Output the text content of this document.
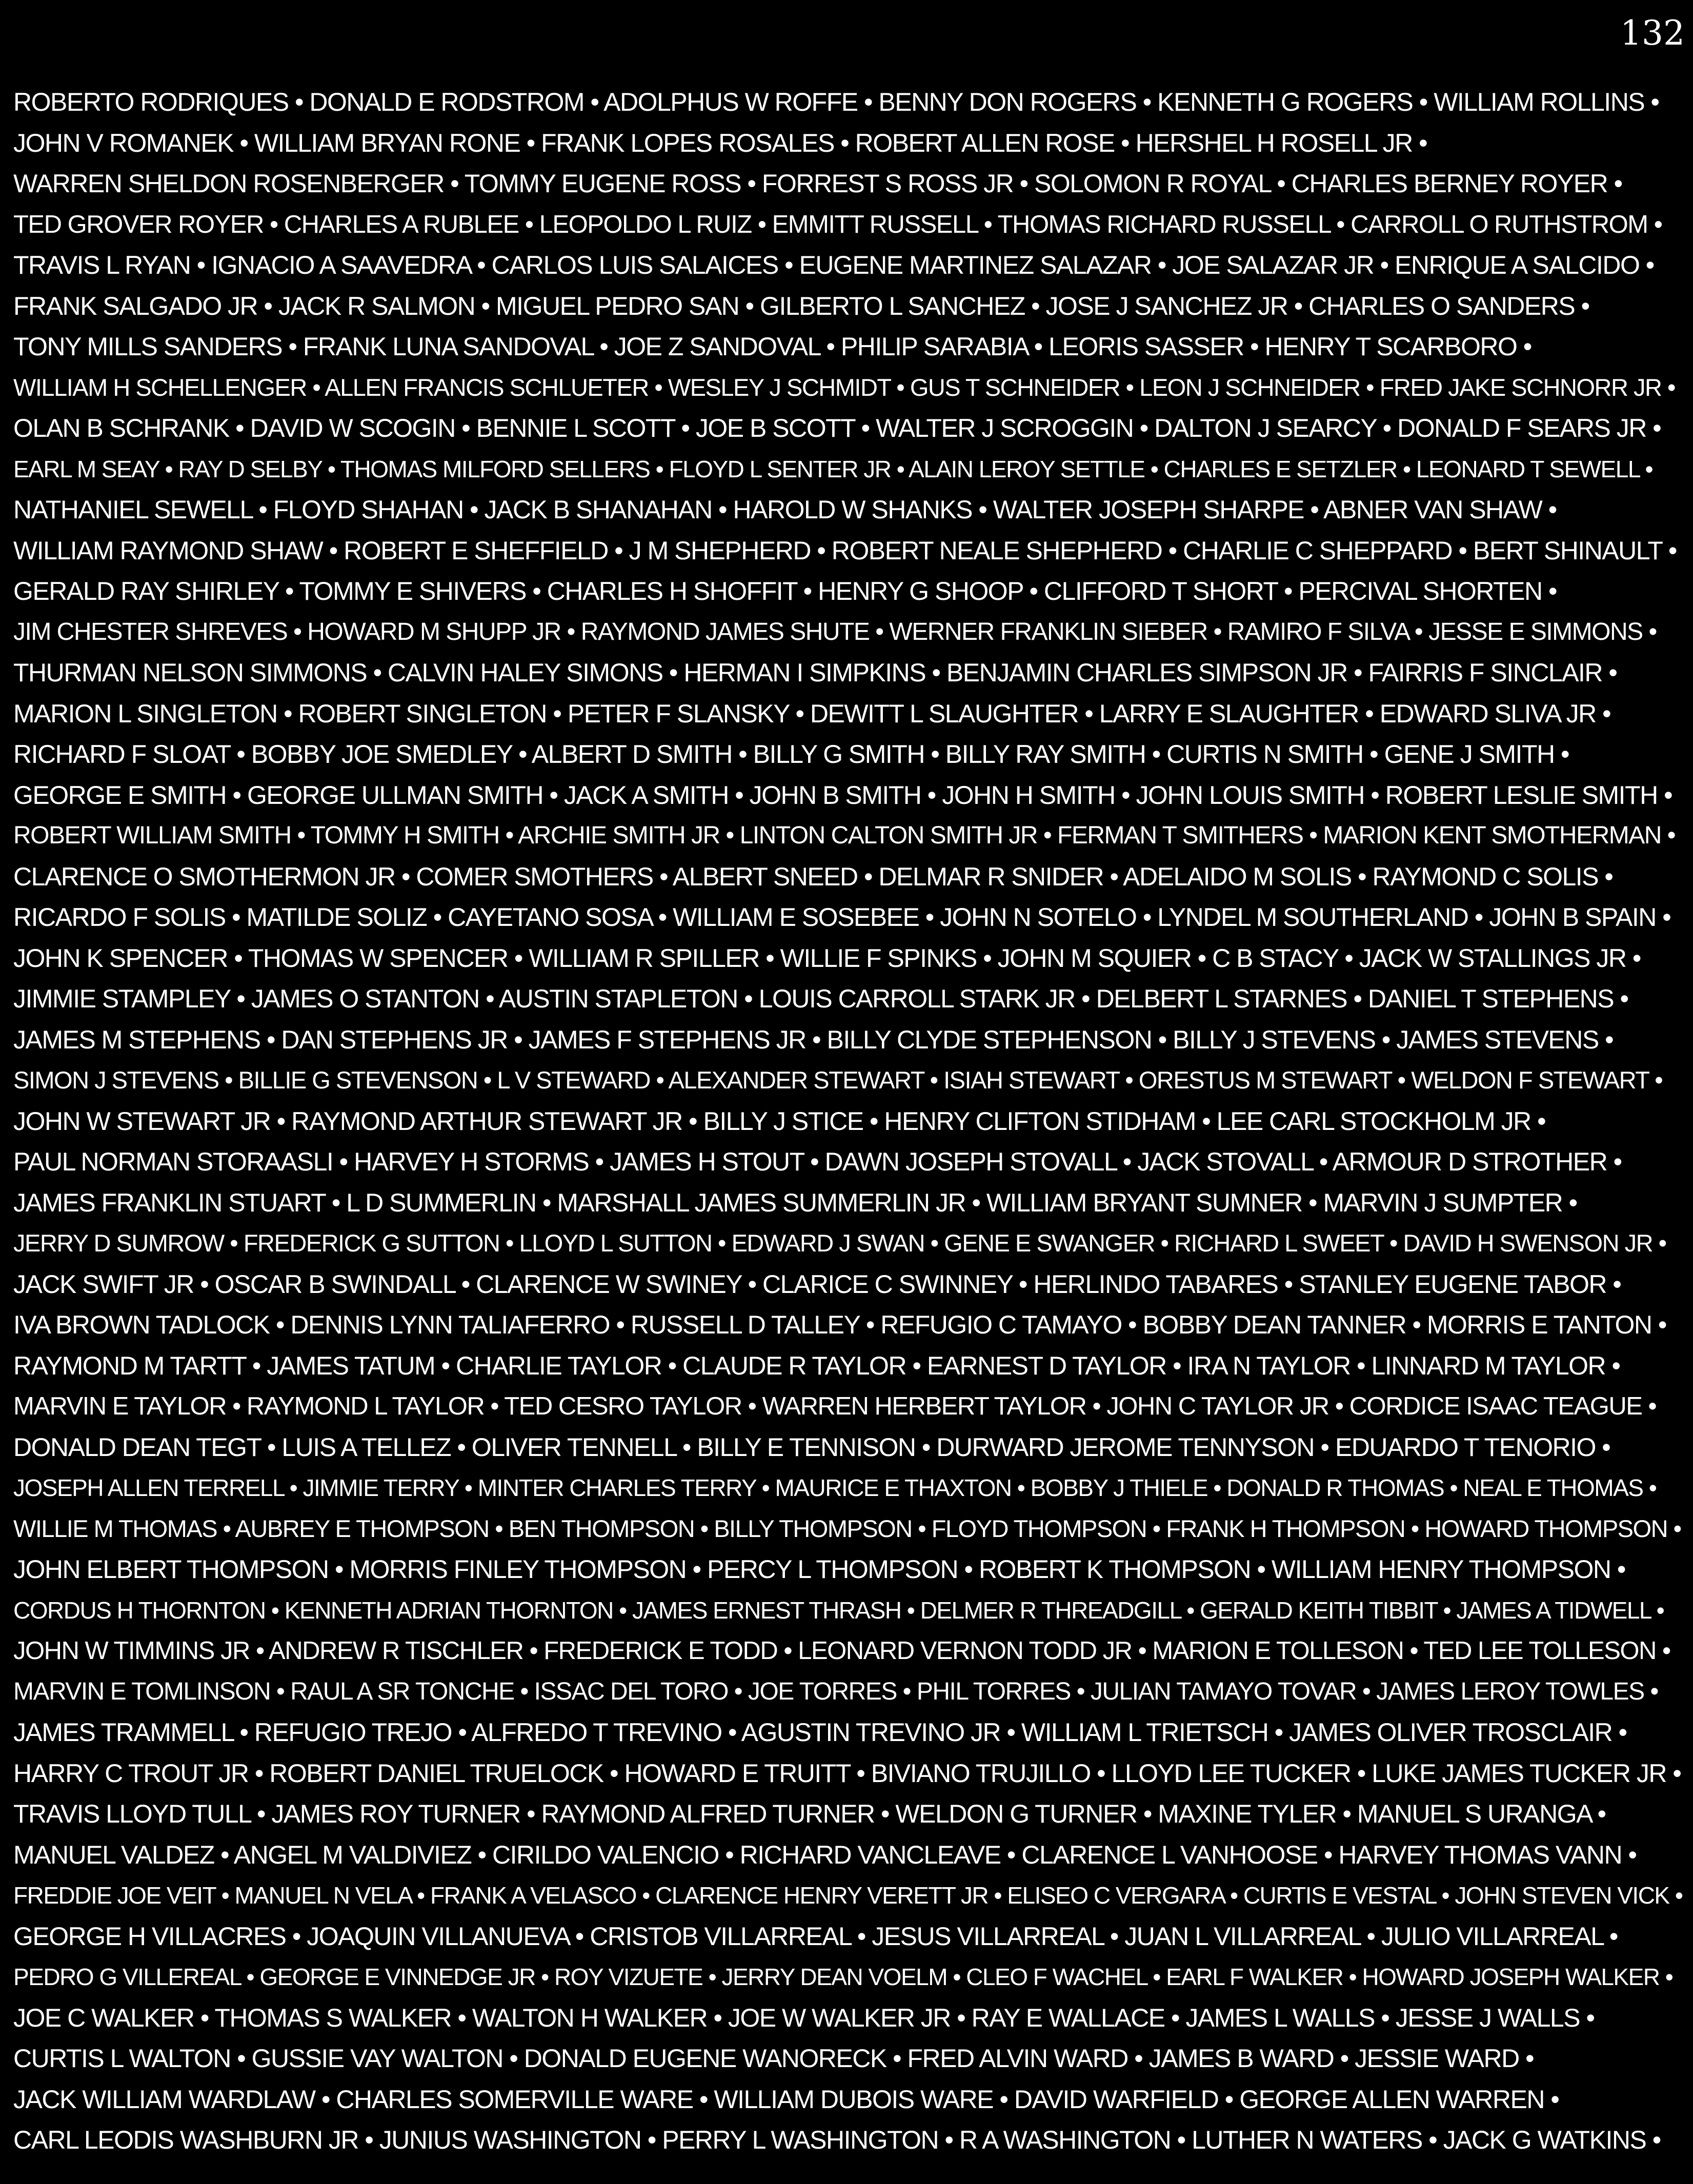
132
ROBERTO RODRIQUES • DONALD E RODSTROM • ADOLPHUS W ROFFE • BENNY DON ROGERS • KENNETH G ROGERS • WILLIAM ROLLINS •
JOHN V ROMANEK • WILLIAM BRYAN RONE • FRANK LOPES ROSALES • ROBERT ALLEN ROSE • HERSHEL H ROSELL JR •
WARREN SHELDON ROSENBERGER • TOMMY EUGENE ROSS • FORREST S ROSS JR • SOLOMON R ROYAL • CHARLES BERNEY ROYER •
TED GROVER ROYER • CHARLES A RUBLEE • LEOPOLDO L RUIZ • EMMITT RUSSELL • THOMAS RICHARD RUSSELL • CARROLL O RUTHSTROM •
TRAVIS L RYAN • IGNACIO A SAAVEDRA • CARLOS LUIS SALAICES • EUGENE MARTINEZ SALAZAR • JOE SALAZAR JR • ENRIQUE A SALCIDO •
FRANK SALGADO JR • JACK R SALMON • MIGUEL PEDRO SAN • GILBERTO L SANCHEZ • JOSE J SANCHEZ JR • CHARLES O SANDERS •
TONY MILLS SANDERS • FRANK LUNA SANDOVAL • JOE Z SANDOVAL • PHILIP SARABIA • LEORIS SASSER • HENRY T SCARBORO •
WILLIAM H SCHELLENGER • ALLEN FRANCIS SCHLUETER • WESLEY J SCHMIDT • GUS T SCHNEIDER • LEON J SCHNEIDER • FRED JAKE SCHNORR JR •
OLAN B SCHRANK • DAVID W SCOGIN • BENNIE L SCOTT • JOE B SCOTT • WALTER J SCROGGIN • DALTON J SEARCY • DONALD F SEARS JR •
EARL M SEAY • RAY D SELBY • THOMAS MILFORD SELLERS • FLOYD L SENTER JR • ALAIN LEROY SETTLE • CHARLES E SETZLER • LEONARD T SEWELL •
NATHANIEL SEWELL • FLOYD SHAHAN • JACK B SHANAHAN • HAROLD W SHANKS • WALTER JOSEPH SHARPE • ABNER VAN SHAW •
WILLIAM RAYMOND SHAW • ROBERT E SHEFFIELD • J M SHEPHERD • ROBERT NEALE SHEPHERD • CHARLIE C SHEPPARD • BERT SHINAULT •
GERALD RAY SHIRLEY • TOMMY E SHIVERS • CHARLES H SHOFFIT • HENRY G SHOOP • CLIFFORD T SHORT • PERCIVAL SHORTEN •
JIM CHESTER SHREVES • HOWARD M SHUPP JR • RAYMOND JAMES SHUTE • WERNER FRANKLIN SIEBER • RAMIRO F SILVA • JESSE E SIMMONS •
THURMAN NELSON SIMMONS • CALVIN HALEY SIMONS • HERMAN I SIMPKINS • BENJAMIN CHARLES SIMPSON JR • FAIRRIS F SINCLAIR •
MARION L SINGLETON • ROBERT SINGLETON • PETER F SLANSKY • DEWITT L SLAUGHTER • LARRY E SLAUGHTER • EDWARD SLIVA JR •
RICHARD F SLOAT • BOBBY JOE SMEDLEY • ALBERT D SMITH • BILLY G SMITH • BILLY RAY SMITH • CURTIS N SMITH • GENE J SMITH •
GEORGE E SMITH • GEORGE ULLMAN SMITH • JACK A SMITH • JOHN B SMITH • JOHN H SMITH • JOHN LOUIS SMITH • ROBERT LESLIE SMITH •
ROBERT WILLIAM SMITH • TOMMY H SMITH • ARCHIE SMITH JR • LINTON CALTON SMITH JR • FERMAN T SMITHERS • MARION KENT SMOTHERMAN •
CLARENCE O SMOTHERMON JR • COMER SMOTHERS • ALBERT SNEED • DELMAR R SNIDER • ADELAIDO M SOLIS • RAYMOND C SOLIS •
RICARDO F SOLIS • MATILDE SOLIZ • CAYETANO SOSA • WILLIAM E SOSEBEE • JOHN N SOTELO • LYNDEL M SOUTHERLAND • JOHN B SPAIN •
JOHN K SPENCER • THOMAS W SPENCER • WILLIAM R SPILLER • WILLIE F SPINKS • JOHN M SQUIER • C B STACY • JACK W STALLINGS JR •
JIMMIE STAMPLEY • JAMES O STANTON • AUSTIN STAPLETON • LOUIS CARROLL STARK JR • DELBERT L STARNES • DANIEL T STEPHENS •
JAMES M STEPHENS • DAN STEPHENS JR • JAMES F STEPHENS JR • BILLY CLYDE STEPHENSON • BILLY J STEVENS • JAMES STEVENS •
SIMON J STEVENS • BILLIE G STEVENSON • L V STEWARD • ALEXANDER STEWART • ISIAH STEWART • ORESTUS M STEWART • WELDON F STEWART •
JOHN W STEWART JR • RAYMOND ARTHUR STEWART JR • BILLY J STICE • HENRY CLIFTON STIDHAM • LEE CARL STOCKHOLM JR •
PAUL NORMAN STORAASLI • HARVEY H STORMS • JAMES H STOUT • DAWN JOSEPH STOVALL • JACK STOVALL • ARMOUR D STROTHER •
JAMES FRANKLIN STUART • L D SUMMERLIN • MARSHALL JAMES SUMMERLIN JR • WILLIAM BRYANT SUMNER • MARVIN J SUMPTER •
JERRY D SUMROW • FREDERICK G SUTTON • LLOYD L SUTTON • EDWARD J SWAN • GENE E SWANGER • RICHARD L SWEET • DAVID H SWENSON JR •
JACK SWIFT JR • OSCAR B SWINDALL • CLARENCE W SWINEY • CLARICE C SWINNEY • HERLINDO TABARES • STANLEY EUGENE TABOR •
IVA BROWN TADLOCK • DENNIS LYNN TALIAFERRO • RUSSELL D TALLEY • REFUGIO C TAMAYO • BOBBY DEAN TANNER • MORRIS E TANTON •
RAYMOND M TARTT • JAMES TATUM • CHARLIE TAYLOR • CLAUDE R TAYLOR • EARNEST D TAYLOR • IRA N TAYLOR • LINNARD M TAYLOR •
MARVIN E TAYLOR • RAYMOND L TAYLOR • TED CESRO TAYLOR • WARREN HERBERT TAYLOR • JOHN C TAYLOR JR • CORDICE ISAAC TEAGUE •
DONALD DEAN TEGT • LUIS A TELLEZ • OLIVER TENNELL • BILLY E TENNISON • DURWARD JEROME TENNYSON • EDUARDO T TENORIO •
JOSEPH ALLEN TERRELL • JIMMIE TERRY • MINTER CHARLES TERRY • MAURICE E THAXTON • BOBBY J THIELE • DONALD R THOMAS • NEAL E THOMAS •
WILLIE M THOMAS • AUBREY E THOMPSON • BEN THOMPSON • BILLY THOMPSON • FLOYD THOMPSON • FRANK H THOMPSON • HOWARD THOMPSON •
JOHN ELBERT THOMPSON • MORRIS FINLEY THOMPSON • PERCY L THOMPSON • ROBERT K THOMPSON • WILLIAM HENRY THOMPSON •
CORDUS H THORNTON • KENNETH ADRIAN THORNTON • JAMES ERNEST THRASH • DELMER R THREADGILL • GERALD KEITH TIBBIT • JAMES A TIDWELL •
JOHN W TIMMINS JR • ANDREW R TISCHLER • FREDERICK E TODD • LEONARD VERNON TODD JR • MARION E TOLLESON • TED LEE TOLLESON •
MARVIN E TOMLINSON • RAUL A SR TONCHE • ISSAC DEL TORO • JOE TORRES • PHIL TORRES • JULIAN TAMAYO TOVAR • JAMES LEROY TOWLES •
JAMES TRAMMELL • REFUGIO TREJO • ALFREDO T TREVINO • AGUSTIN TREVINO JR • WILLIAM L TRIETSCH • JAMES OLIVER TROSCLAIR •
HARRY C TROUT JR • ROBERT DANIEL TRUELOCK • HOWARD E TRUITT • BIVIANO TRUJILLO • LLOYD LEE TUCKER • LUKE JAMES TUCKER JR •
TRAVIS LLOYD TULL • JAMES ROY TURNER • RAYMOND ALFRED TURNER • WELDON G TURNER • MAXINE TYLER • MANUEL S URANGA •
MANUEL VALDEZ • ANGEL M VALDIVIEZ • CIRILDO VALENCIO • RICHARD VANCLEAVE • CLARENCE L VANHOOSE • HARVEY THOMAS VANN •
FREDDIE JOE VEIT • MANUEL N VELA • FRANK A VELASCO • CLARENCE HENRY VERETT JR • ELISEO C VERGARA • CURTIS E VESTAL • JOHN STEVEN VICK •
GEORGE H VILLACRES • JOAQUIN VILLANUEVA • CRISTOB VILLARREAL • JESUS VILLARREAL • JUAN L VILLARREAL • JULIO VILLARREAL •
PEDRO G VILLEREAL • GEORGE E VINNEDGE JR • ROY VIZUETE • JERRY DEAN VOELM • CLEO F WACHEL • EARL F WALKER • HOWARD JOSEPH WALKER •
JOE C WALKER • THOMAS S WALKER • WALTON H WALKER • JOE W WALKER JR • RAY E WALLACE • JAMES L WALLS • JESSE J WALLS •
CURTIS L WALTON • GUSSIE VAY WALTON • DONALD EUGENE WANORECK • FRED ALVIN WARD • JAMES B WARD • JESSIE WARD •
JACK WILLIAM WARDLAW • CHARLES SOMERVILLE WARE • WILLIAM DUBOIS WARE • DAVID WARFIELD • GEORGE ALLEN WARREN •
CARL LEODIS WASHBURN JR • JUNIUS WASHINGTON • PERRY L WASHINGTON • R A WASHINGTON • LUTHER N WATERS • JACK G WATKINS •
